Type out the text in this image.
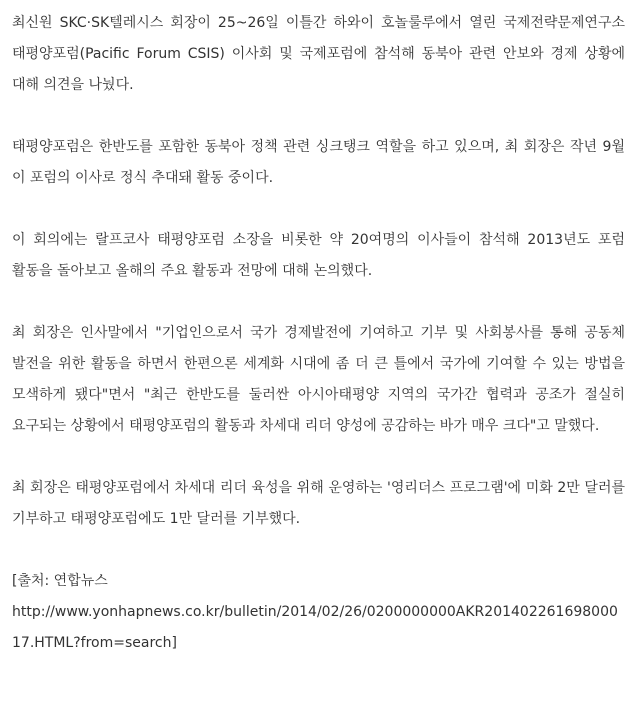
최신원 SKC·SK텔레시스 회장이 25~26일 이틀간 하와이 호놀룰루에서 열린 국제전략문제연구소 태평양포럼(Pacific Forum CSIS) 이사회 및 국제포럼에 참석해 동북아 관련 안보와 경제 상황에 대해 의견을 나눴다.

태평양포럼은 한반도를 포함한 동북아 정책 관련 싱크탱크 역할을 하고 있으며, 최 회장은 작년 9월 이 포럼의 이사로 정식 추대돼 활동 중이다.

이 회의에는 랄프코사 태평양포럼 소장을 비롯한 약 20여명의 이사들이 참석해 2013년도 포럼 활동을 돌아보고 올해의 주요 활동과 전망에 대해 논의했다.

최 회장은 인사말에서 "기업인으로서 국가 경제발전에 기여하고 기부 및 사회봉사를 통해 공동체 발전을 위한 활동을 하면서 한편으론 세계화 시대에 좀 더 큰 틀에서 국가에 기여할 수 있는 방법을 모색하게 됐다"면서 "최근 한반도를 둘러싼 아시아태평양 지역의 국가간 협력과 공조가 절실히 요구되는 상황에서 태평양포럼의 활동과 차세대 리더 양성에 공감하는 바가 매우 크다"고 말했다.

최 회장은 태평양포럼에서 차세대 리더 육성을 위해 운영하는 '영리더스 프로그램'에 미화 2만 달러를 기부하고 태평양포럼에도 1만 달러를 기부했다.

[출처: 연합뉴스

http://www.yonhapnews.co.kr/bulletin/2014/02/26/0200000000AKR20140226169800017.HTML?from=search]
